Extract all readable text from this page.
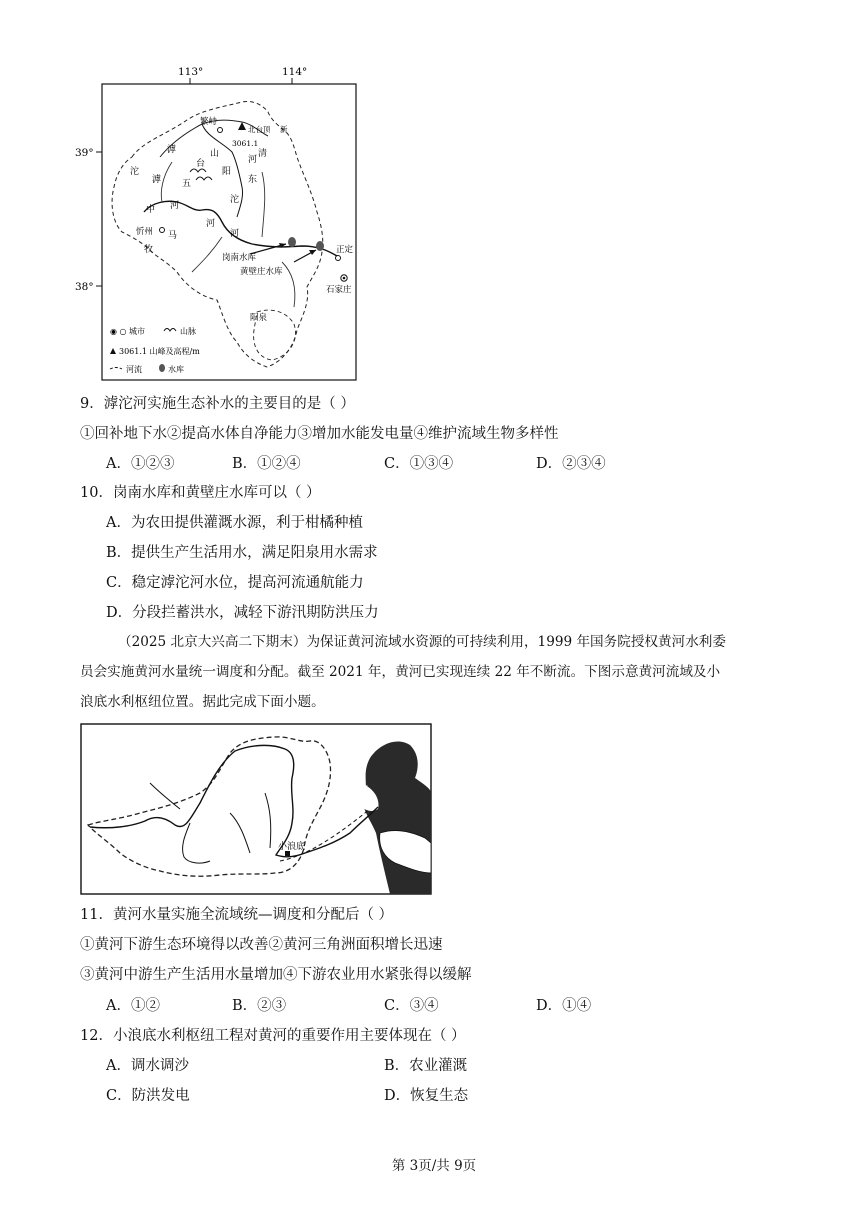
113°	114°
39°
38°
3061.1
北台顶 新
繁峙
滹	山
台
五
沱
河
滹
阳
河
东
清
沱
中
牧
马
河
河
忻州
岗南水库
黄壁庄水库
正定
石家庄
阳泉
◉ ○ 城市	山脉
3061.1 山峰及高程/m
河流	水库
9．滹沱河实施生态补水的主要目的是（ ）
①回补地下水②提高水体自净能力③增加水能发电量④维护流域生物多样性
A．①②③	B．①②④	C．①③④	D．②③④
10．岗南水库和黄壁庄水库可以（ ）
A．为农田提供灌溉水源，利于柑橘种植
B．提供生产生活用水，满足阳泉用水需求
C．稳定滹沱河水位，提高河流通航能力
D．分段拦蓄洪水，减轻下游汛期防洪压力
（2025 北京大兴高二下期末）为保证黄河流域水资源的可持续利用，1999 年国务院授权黄河水利委
员会实施黄河水量统一调度和分配。截至 2021 年，黄河已实现连续 22 年不断流。下图示意黄河流域及小
浪底水利枢纽位置。据此完成下面小题。
小浪底
渤海
11．黄河水量实施全流域统—调度和分配后（ ）
①黄河下游生态环境得以改善②黄河三角洲面积增长迅速
③黄河中游生产生活用水量增加④下游农业用水紧张得以缓解
A．①②	B．②③	C．③④	D．①④
12．小浪底水利枢纽工程对黄河的重要作用主要体现在（ ）
A．调水调沙	B．农业灌溉
C．防洪发电	D．恢复生态
第 3页/共 9页
